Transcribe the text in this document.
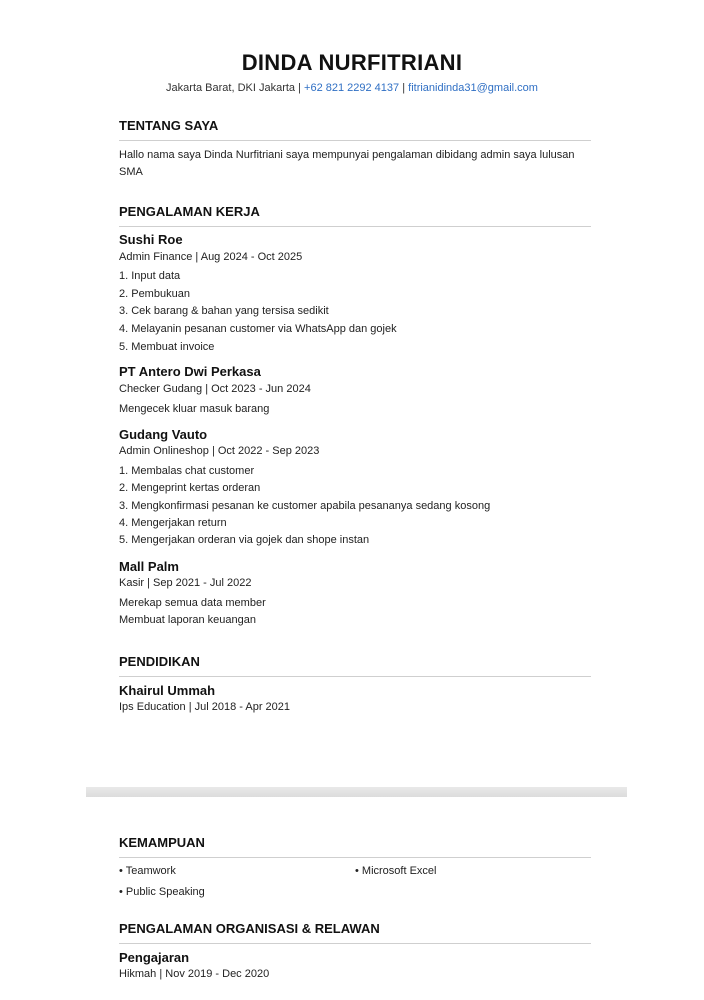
DINDA NURFITRIANI
Jakarta Barat, DKI Jakarta | +62 821 2292 4137 | fitrianidinda31@gmail.com
TENTANG SAYA
Hallo nama saya Dinda Nurfitriani saya mempunyai pengalaman dibidang admin saya lulusan
SMA
PENGALAMAN KERJA
Sushi Roe
Admin Finance | Aug 2024 - Oct 2025
1. Input data
2. Pembukuan
3. Cek barang & bahan yang tersisa sedikit
4. Melayanin pesanan customer via WhatsApp dan gojek
5. Membuat invoice
PT Antero Dwi Perkasa
Checker Gudang | Oct 2023 - Jun 2024
Mengecek kluar masuk barang
Gudang Vauto
Admin Onlineshop | Oct 2022 - Sep 2023
1. Membalas chat customer
2. Mengeprint kertas orderan
3. Mengkonfirmasi pesanan ke customer apabila pesananya sedang kosong
4. Mengerjakan return
5. Mengerjakan orderan via gojek dan shope instan
Mall Palm
Kasir | Sep 2021 - Jul 2022
Merekap semua data member
Membuat laporan keuangan
PENDIDIKAN
Khairul Ummah
Ips Education | Jul 2018 - Apr 2021
KEMAMPUAN
• Teamwork	• Microsoft Excel
• Public Speaking
PENGALAMAN ORGANISASI & RELAWAN
Pengajaran
Hikmah | Nov 2019 - Dec 2020
